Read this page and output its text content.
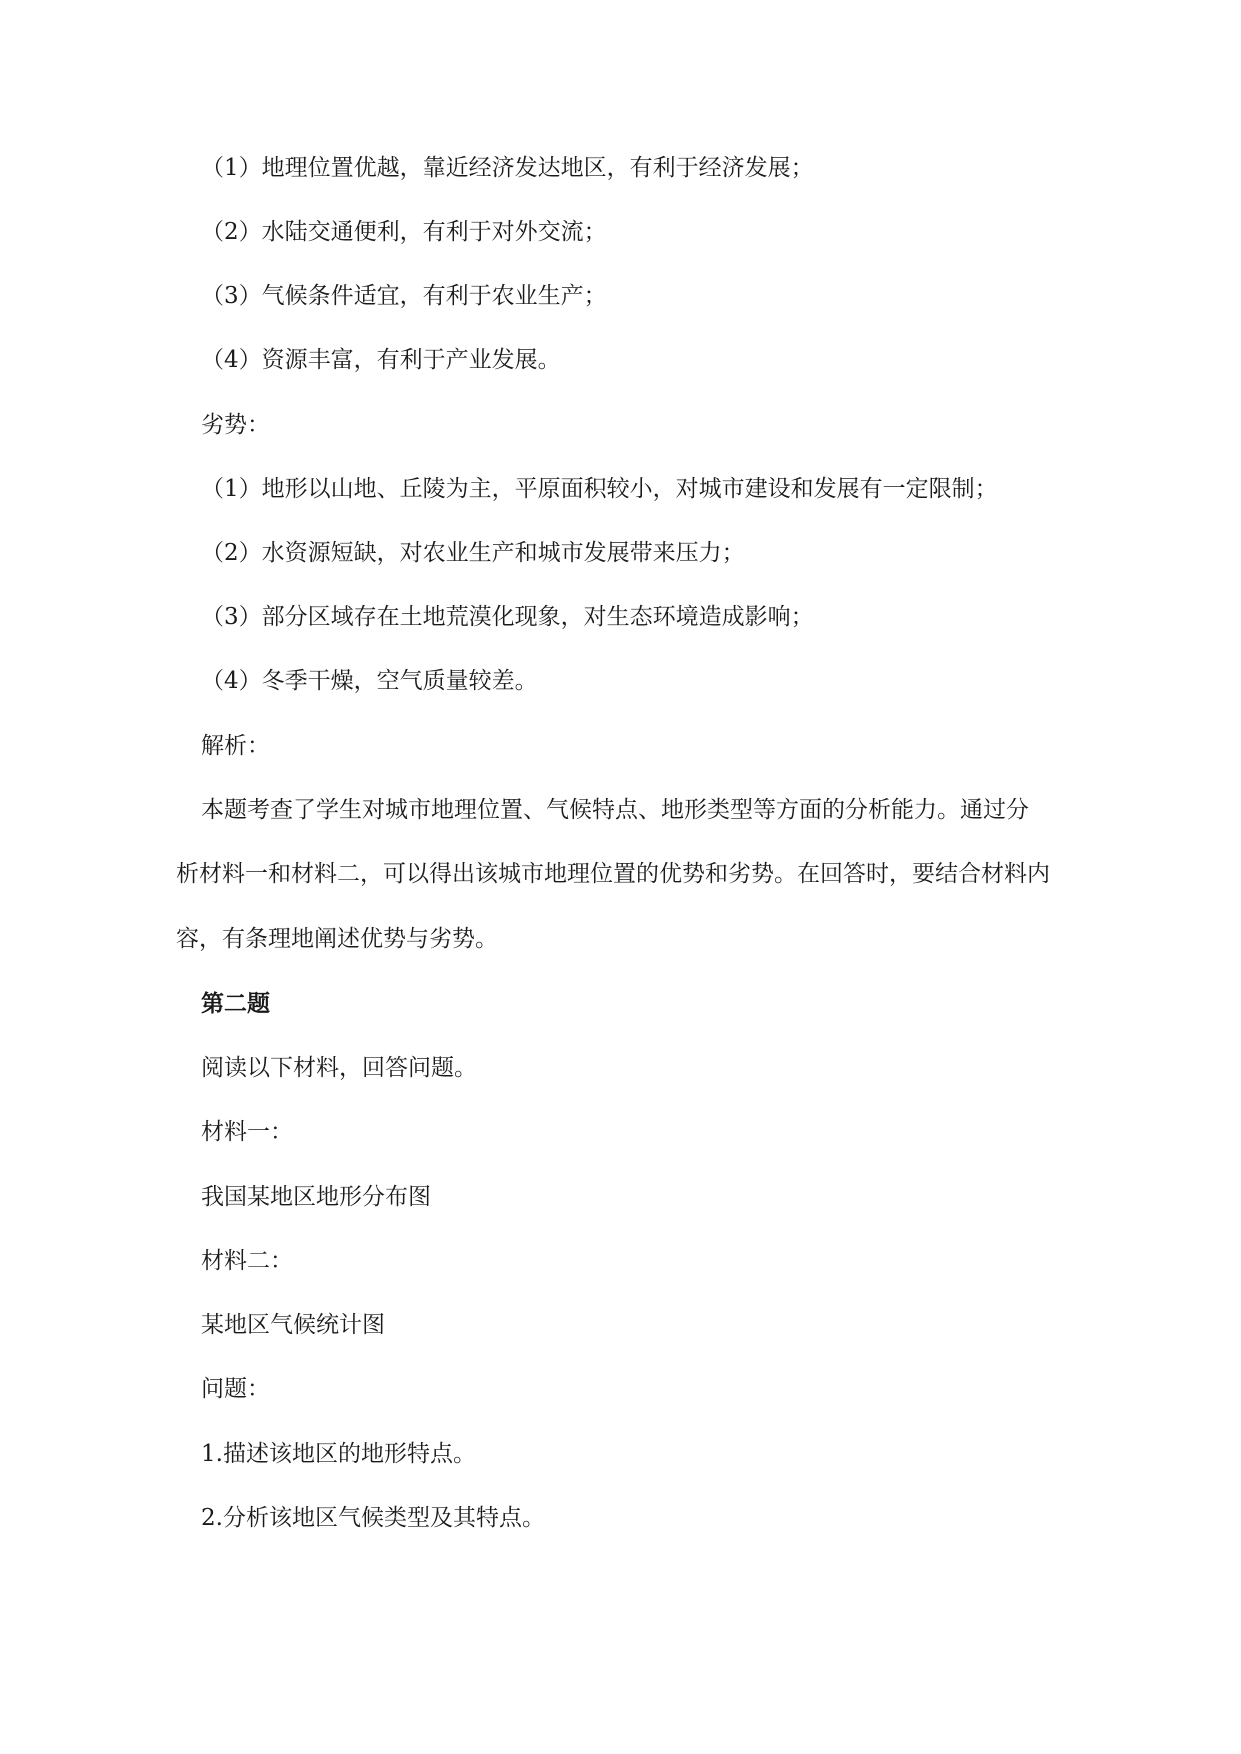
（1）地理位置优越，靠近经济发达地区，有利于经济发展；
（2）水陆交通便利，有利于对外交流；
（3）气候条件适宜，有利于农业生产；
（4）资源丰富，有利于产业发展。
劣势：
（1）地形以山地、丘陵为主，平原面积较小，对城市建设和发展有一定限制；
（2）水资源短缺，对农业生产和城市发展带来压力；
（3）部分区域存在土地荒漠化现象，对生态环境造成影响；
（4）冬季干燥，空气质量较差。
解析：
本题考查了学生对城市地理位置、气候特点、地形类型等方面的分析能力。通过分
析材料一和材料二，可以得出该城市地理位置的优势和劣势。在回答时，要结合材料内
容，有条理地阐述优势与劣势。
第二题
阅读以下材料，回答问题。
材料一：
我国某地区地形分布图
材料二：
某地区气候统计图
问题：
1.描述该地区的地形特点。
2.分析该地区气候类型及其特点。
